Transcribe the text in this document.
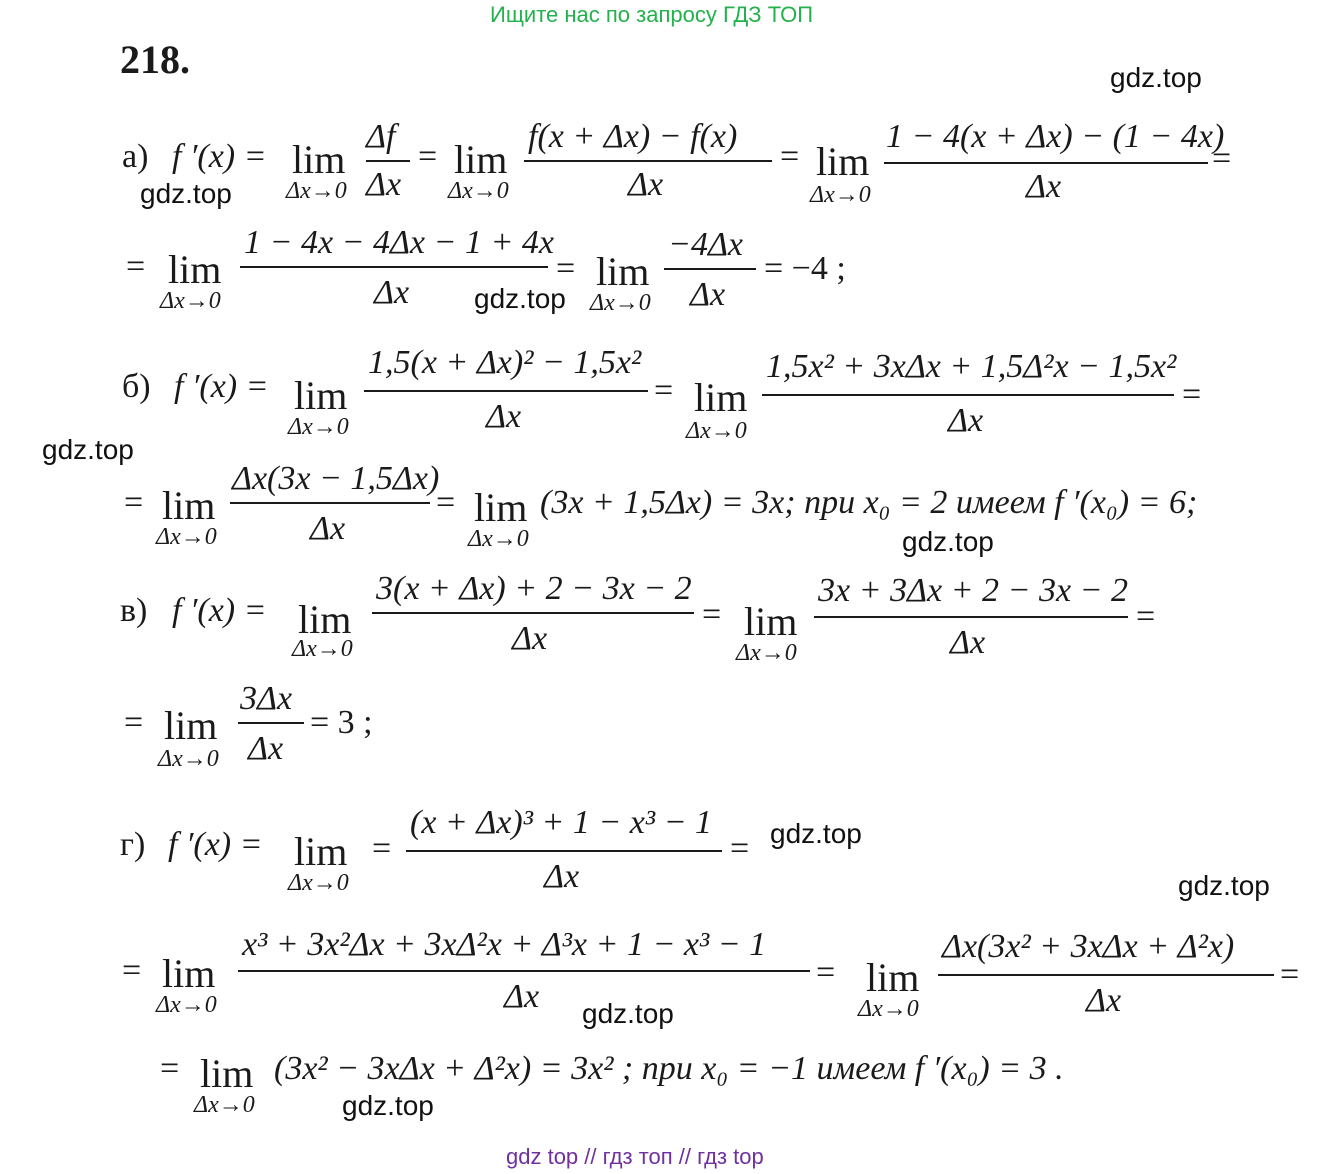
Ищите нас по запросу ГДЗ ТОП
218.	gdz.top
gdz.top
gdz.top
gdz.top
gdz.top
gdz.top
gdz.top
gdz.top
gdz.top
а) f ′(x) = lim
Δx→0
Δf
Δx
= lim
Δx→0
f(x + Δx) − f(x)
Δx
= lim
Δx→0
1 − 4(x + Δx) − (1 − 4x)
Δx
=
= lim
Δx→0
1 − 4x − 4Δx − 1 + 4x
Δx
= lim
Δx→0
−4Δx
Δx
= −4 ;
б) f ′(x) = lim
Δx→0
1,5(x + Δx)² − 1,5x²
Δx
= lim
Δx→0
1,5x² + 3xΔx + 1,5Δ²x − 1,5x²
Δx
=
= lim
Δx→0
Δx(3x − 1,5Δx)
Δx
= lim
Δx→0
(3x + 1,5Δx) = 3x; при x₀ = 2 имеем f ′(x₀) = 6;
в) f ′(x) = lim
Δx→0
3(x + Δx) + 2 − 3x − 2
Δx
= lim
Δx→0
3x + 3Δx + 2 − 3x − 2
Δx
=
= lim
Δx→0
3Δx
Δx
= 3 ;
г) f ′(x) = lim
Δx→0
=
(x + Δx)³ + 1 − x³ − 1
Δx
=
= lim
Δx→0
x³ + 3x²Δx + 3xΔ²x + Δ³x + 1 − x³ − 1
Δx
= lim
Δx→0
Δx(3x² + 3xΔx + Δ²x)
Δx
=
= lim
Δx→0
(3x² − 3xΔx + Δ²x) = 3x² ; при x₀ = −1 имеем f ′(x₀) = 3 .
gdz top // гдз топ // гдз top
